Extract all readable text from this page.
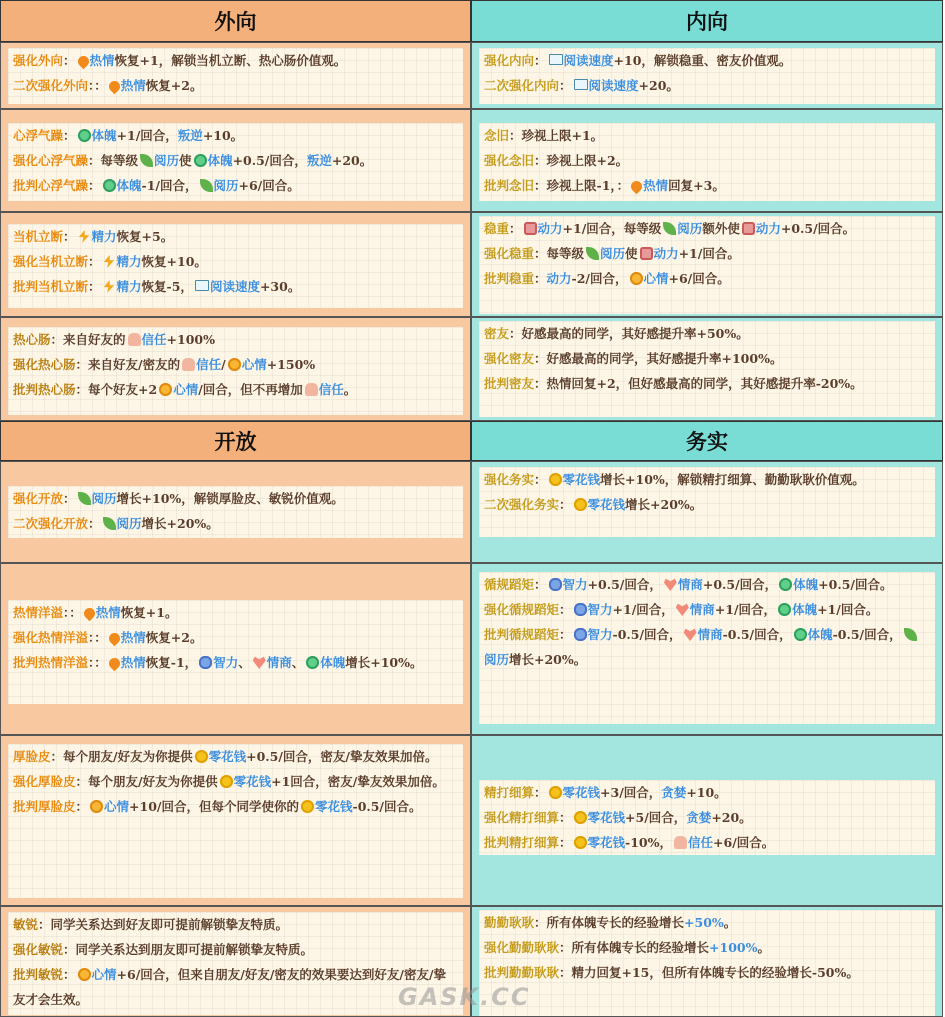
外向	内向
开放	务实
强化外向： 热情恢复+1，解锁当机立断、热心肠价值观。
二次强化外向：： 热情恢复+2。
强化内向： 阅读速度+10，解锁稳重、密友价值观。
二次强化内向： 阅读速度+20。
心浮气躁： 体魄+1/回合，叛逆+10。
强化心浮气躁：每等级 阅历使 体魄+0.5/回合，叛逆+20。
批判心浮气躁： 体魄-1/回合， 阅历+6/回合。
念旧：珍视上限+1。
强化念旧：珍视上限+2。
批判念旧：珍视上限-1，： 热情回复+3。
当机立断： 精力恢复+5。
强化当机立断： 精力恢复+10。
批判当机立断： 精力恢复-5， 阅读速度+30。
稳重： 动力+1/回合，每等级 阅历额外使 动力+0.5/回合。
强化稳重：每等级 阅历使 动力+1/回合。
批判稳重：动力-2/回合， 心情+6/回合。
热心肠：来自好友的 信任+100%
强化热心肠：来自好友/密友的 信任/ 心情+150%
批判热心肠：每个好友+2 心情/回合，但不再增加 信任。
密友：好感最高的同学，其好感提升率+50%。
强化密友：好感最高的同学，其好感提升率+100%。
批判密友：热情回复+2，但好感最高的同学，其好感提升率-20%。
强化开放： 阅历增长+10%，解锁厚脸皮、敏锐价值观。
二次强化开放： 阅历增长+20%。
强化务实： 零花钱增长+10%，解锁精打细算、勤勤耿耿价值观。
二次强化务实： 零花钱增长+20%。
热情洋溢：： 热情恢复+1。
强化热情洋溢：： 热情恢复+2。
批判热情洋溢：： 热情恢复-1， 智力、 情商、 体魄增长+10%。
循规蹈矩： 智力+0.5/回合， 情商+0.5/回合， 体魄+0.5/回合。
强化循规蹈矩： 智力+1/回合， 情商+1/回合， 体魄+1/回合。
批判循规蹈矩： 智力-0.5/回合， 情商-0.5/回合， 体魄-0.5/回合，阅历增长+20%。
厚脸皮：每个朋友/好友为你提供 零花钱+0.5/回合，密友/挚友效果加倍。
强化厚脸皮：每个朋友/好友为你提供 零花钱+1回合，密友/挚友效果加倍。
批判厚脸皮： 心情+10/回合，但每个同学使你的 零花钱-0.5/回合。
精打细算： 零花钱+3/回合，贪婪+10。
强化精打细算： 零花钱+5/回合，贪婪+20。
批判精打细算： 零花钱-10%， 信任+6/回合。
敏锐：同学关系达到好友即可提前解锁挚友特质。
强化敏锐：同学关系达到朋友即可提前解锁挚友特质。
批判敏锐： 心情+6/回合，但来自朋友/好友/密友的效果要达到好友/密友/挚友才会生效。
勤勤耿耿：所有体魄专长的经验增长+50%。
强化勤勤耿耿：所有体魄专长的经验增长+100%。
批判勤勤耿耿：精力回复+15，但所有体魄专长的经验增长-50%。
GASK.CC
